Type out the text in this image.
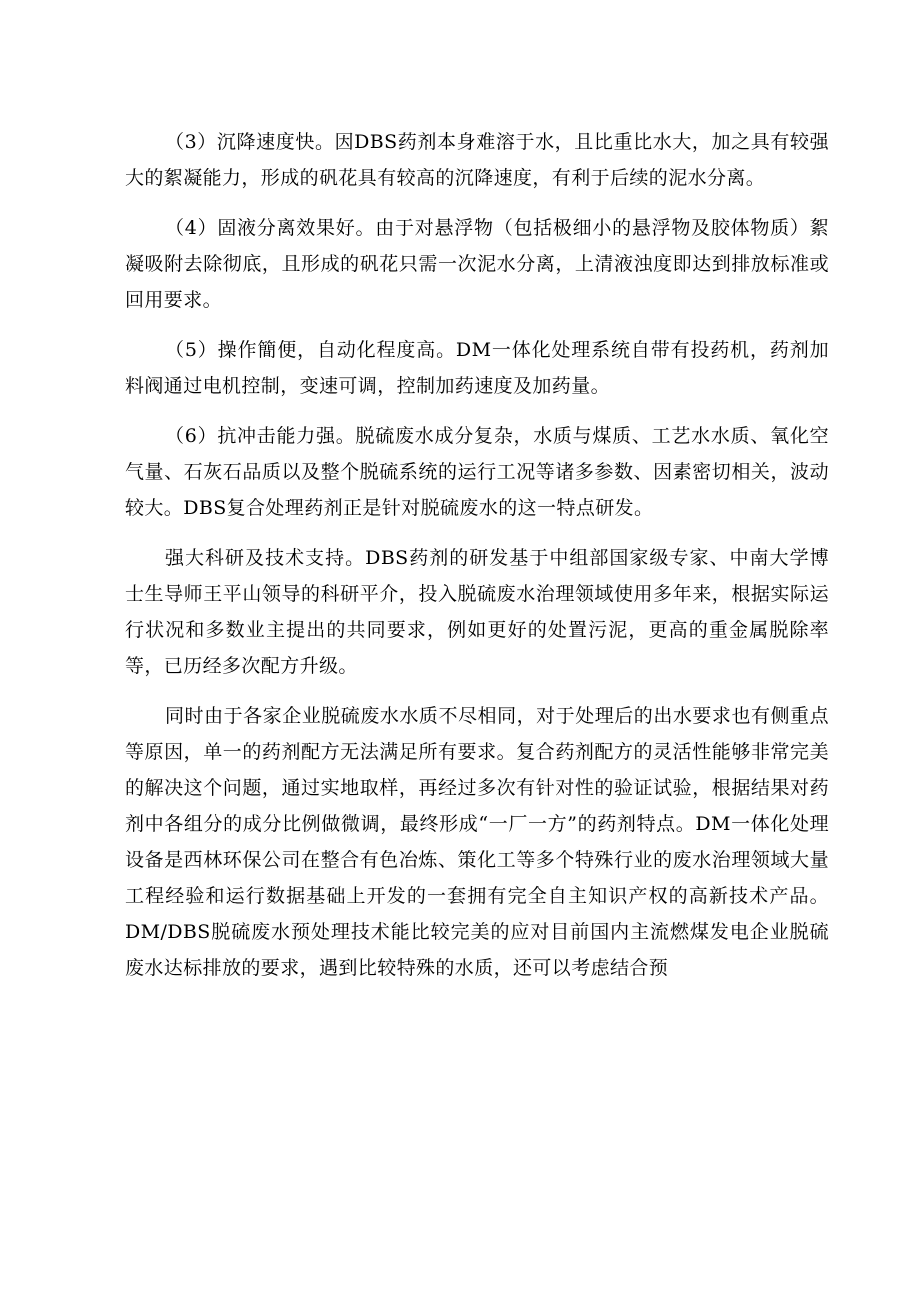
（3）沉降速度快。因DBS药剂本身难溶于水，且比重比水大，加之具有较强大的絮凝能力，形成的矾花具有较高的沉降速度，有利于后续的泥水分离。

（4）固液分离效果好。由于对悬浮物（包括极细小的悬浮物及胶体物质）絮凝吸附去除彻底，且形成的矾花只需一次泥水分离，上清液浊度即达到排放标准或回用要求。

（5）操作簡便，自动化程度高。DM一体化处理系统自带有投药机，药剂加料阀通过电机控制，变速可调，控制加药速度及加药量。

（6）抗冲击能力强。脱硫废水成分复杂，水质与煤质、工艺水水质、氧化空气量、石灰石品质以及整个脱硫系统的运行工况等诸多参数、因素密切相关，波动较大。DBS复合处理药剂正是针对脱硫废水的这一特点研发。

强大科研及技术支持。DBS药剂的研发基于中组部国家级专家、中南大学博士生导师王平山领导的科研平介，投入脱硫废水治理领域使用多年来，根据实际运行状况和多数业主提出的共同要求，例如更好的处置污泥，更高的重金属脱除率等，已历经多次配方升级。

同时由于各家企业脱硫废水水质不尽相同，对于处理后的出水要求也有侧重点等原因，单一的药剂配方无法满足所有要求。复合药剂配方的灵活性能够非常完美的解决这个问题，通过实地取样，再经过多次有针对性的验证试验，根据结果对药剂中各组分的成分比例做微调，最终形成“一厂一方”的药剂特点。DM一体化处理设备是西林环保公司在整合有色冶炼、策化工等多个特殊行业的废水治理领域大量工程经验和运行数据基础上开发的一套拥有完全自主知识产权的高新技术产品。DM/DBS脱硫废水预处理技术能比较完美的应对目前国内主流燃煤发电企业脱硫废水达标排放的要求，遇到比较特殊的水质，还可以考虑结合预
